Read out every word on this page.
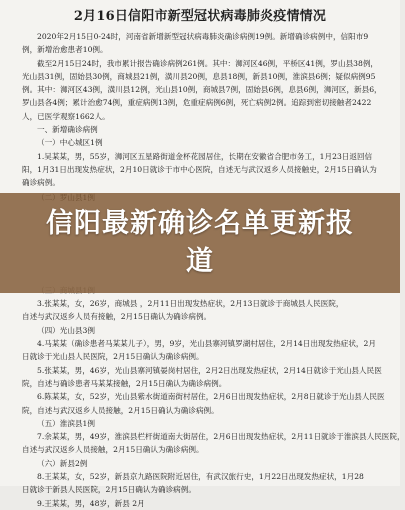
2月16日信阳市新型冠状病毒肺炎疫情情况

2020年2月15日0-24时，河南省新增新型冠状病毒肺炎确诊病例19例。新增确诊病例中，信阳市9

例，新增治愈患者10例。

截至2月15日24时，我市累计报告确诊病例261例。其中：浉河区46例，平桥区41例，罗山县38例，

光山县31例，固始县30例，商城县21例，潢川县20例，息县18例，新县10例，淮滨县6例；疑似病例95

例。其中：浉河区43例，潢川县12例，光山县10例，商城县7例，固始县6例，息县6例，浉河区，新县6，

罗山县各4例；累计治愈74例，重症病例13例，危重症病例6例，死亡病例2例。追踪到密切接触者2422

人，已医学观察1662人。

一、新增确诊病例
（一）中心城区1例

1.吴某某，男，55岁，浉河区五星路街道金杯花园居住，长期在安徽省合肥市务工，1月23日返回信

阳，1月31日出现发热症状，2月10日就诊于市中心医院，自述无与武汉返乡人员接触史，2月15日确认为

确诊病例。

3.张某某，女，26岁，商城县 ，2月11日出现发热症状，2月13日就诊于商城县人民医院，

自述与武汉返乡人员有接触，2月15日确认为确诊病例。

（四）光山县3例

4.马某某（确诊患者马某某儿子），男，9岁，光山县寨河镇罗湖村居住，2月14日出现发热症状，2月

日就诊于光山县人民医院，2月15日确认为确诊病例。

5.张某某，男，46岁，光山县寨河镇晏岗村居住，2月2日出现发热症状，2月14日就诊于光山县人民医

院，自述与确诊患者马某某接触，2月15日确认为确诊病例。

6.陈某某，女，52岁，光山县紫水街道南街村居住，2月6日出现发热症状，2月8日就诊于光山县人民医

院，自述与武汉返乡人员接触，2月15日确认为确诊病例。

（五）淮滨县1例

7.余某某，男，49岁，淮滨县栏杆街道南大街居住，2月6日出现发热症状，2月11日就诊于淮滨县人民医院，

自述与武汉返乡人员接触，2月15日确认为确诊病例。

（六）新县2例

8.王某某，女，52岁，新县京九路医院附近居住，有武汉旅行史，1月22日出现发热症状，1月28

日就诊于新县人民医院，2月15日确认为确诊病例。

9.王某某，男，48岁，新县 2月

信阳最新确诊名单更新报道
